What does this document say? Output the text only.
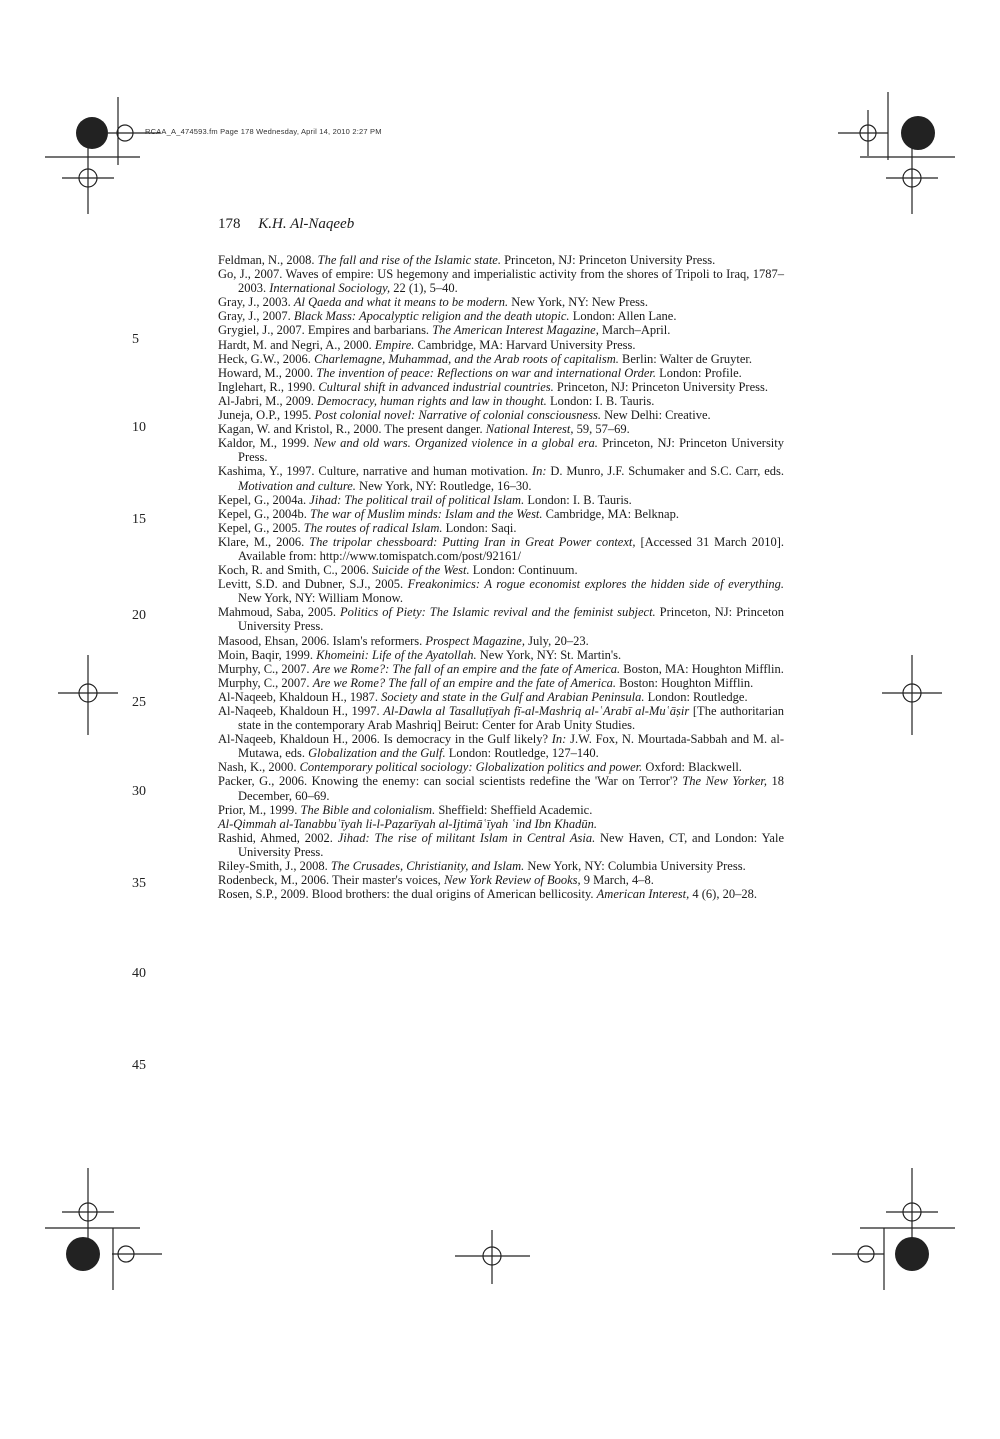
RCAA_A_474593.fm Page 178 Wednesday, April 14, 2010 2:27 PM
178 K.H. Al-Naqeeb
5
10
15
20
25
30
35
40
45
Feldman, N., 2008. The fall and rise of the Islamic state. Princeton, NJ: Princeton University Press.
Go, J., 2007. Waves of empire: US hegemony and imperialistic activity from the shores of Tripoli to Iraq, 1787–2003. International Sociology, 22 (1), 5–40.
Gray, J., 2003. Al Qaeda and what it means to be modern. New York, NY: New Press.
Gray, J., 2007. Black Mass: Apocalyptic religion and the death utopic. London: Allen Lane.
Grygiel, J., 2007. Empires and barbarians. The American Interest Magazine, March–April.
Hardt, M. and Negri, A., 2000. Empire. Cambridge, MA: Harvard University Press.
Heck, G.W., 2006. Charlemagne, Muhammad, and the Arab roots of capitalism. Berlin: Walter de Gruyter.
Howard, M., 2000. The invention of peace: Reflections on war and international Order. London: Profile.
Inglehart, R., 1990. Cultural shift in advanced industrial countries. Princeton, NJ: Princeton University Press.
Al-Jabri, M., 2009. Democracy, human rights and law in thought. London: I. B. Tauris.
Juneja, O.P., 1995. Post colonial novel: Narrative of colonial consciousness. New Delhi: Creative.
Kagan, W. and Kristol, R., 2000. The present danger. National Interest, 59, 57–69.
Kaldor, M., 1999. New and old wars. Organized violence in a global era. Princeton, NJ: Princeton University Press.
Kashima, Y., 1997. Culture, narrative and human motivation. In: D. Munro, J.F. Schumaker and S.C. Carr, eds. Motivation and culture. New York, NY: Routledge, 16–30.
Kepel, G., 2004a. Jihad: The political trail of political Islam. London: I. B. Tauris.
Kepel, G., 2004b. The war of Muslim minds: Islam and the West. Cambridge, MA: Belknap.
Kepel, G., 2005. The routes of radical Islam. London: Saqi.
Klare, M., 2006. The tripolar chessboard: Putting Iran in Great Power context, [Accessed 31 March 2010]. Available from: http://www.tomispatch.com/post/92161/
Koch, R. and Smith, C., 2006. Suicide of the West. London: Continuum.
Levitt, S.D. and Dubner, S.J., 2005. Freakonimics: A rogue economist explores the hidden side of everything. New York, NY: William Monow.
Mahmoud, Saba, 2005. Politics of Piety: The Islamic revival and the feminist subject. Princeton, NJ: Princeton University Press.
Masood, Ehsan, 2006. Islam's reformers. Prospect Magazine, July, 20–23.
Moin, Baqir, 1999. Khomeini: Life of the Ayatollah. New York, NY: St. Martin's.
Murphy, C., 2007. Are we Rome?: The fall of an empire and the fate of America. Boston, MA: Houghton Mifflin.
Murphy, C., 2007. Are we Rome? The fall of an empire and the fate of America. Boston: Houghton Mifflin.
Al-Naqeeb, Khaldoun H., 1987. Society and state in the Gulf and Arabian Peninsula. London: Routledge.
Al-Naqeeb, Khaldoun H., 1997. Al-Dawla al Tasalluṭīyah fī-al-Mashriq al-ʿArabī al-Muʿāṣir [The authoritarian state in the contemporary Arab Mashriq] Beirut: Center for Arab Unity Studies.
Al-Naqeeb, Khaldoun H., 2006. Is democracy in the Gulf likely? In: J.W. Fox, N. Mourtada-Sabbah and M. al-Mutawa, eds. Globalization and the Gulf. London: Routledge, 127–140.
Nash, K., 2000. Contemporary political sociology: Globalization politics and power. Oxford: Blackwell.
Packer, G., 2006. Knowing the enemy: can social scientists redefine the 'War on Terror'? The New Yorker, 18 December, 60–69.
Prior, M., 1999. The Bible and colonialism. Sheffield: Sheffield Academic.
Al-Qimmah al-Tanabbuʾīyah li-l-Paẓarīyah al-Ijtimāʿīyah ʿind Ibn Khadūn.
Rashid, Ahmed, 2002. Jihad: The rise of militant Islam in Central Asia. New Haven, CT, and London: Yale University Press.
Riley-Smith, J., 2008. The Crusades, Christianity, and Islam. New York, NY: Columbia University Press.
Rodenbeck, M., 2006. Their master's voices, New York Review of Books, 9 March, 4–8.
Rosen, S.P., 2009. Blood brothers: the dual origins of American bellicosity. American Interest, 4 (6), 20–28.
